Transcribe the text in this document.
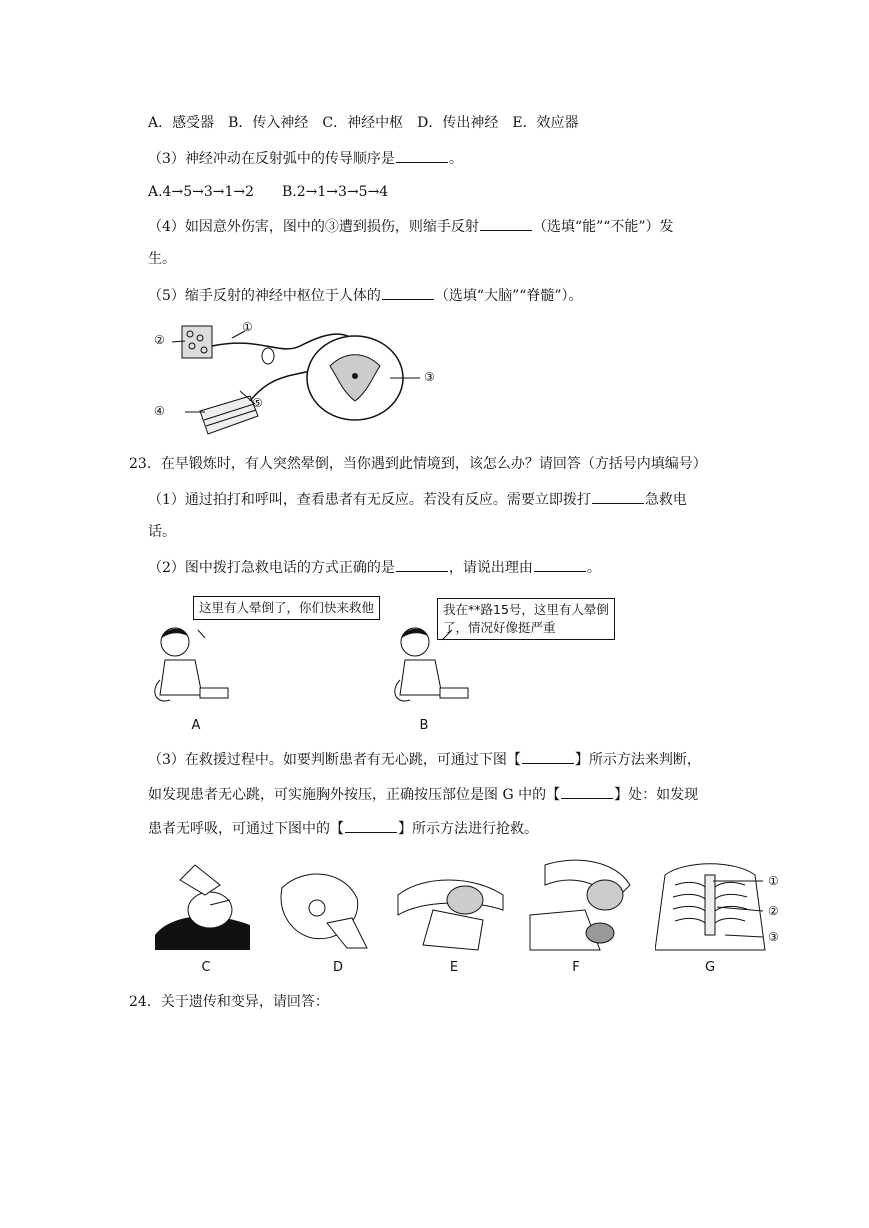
A．感受器　B．传入神经　C．神经中枢　D．传出神经　E．效应器
（3）神经冲动在反射弧中的传导顺序是	。
A.4→5→3→1→2　　B.2→1→3→5→4
（4）如因意外伤害，图中的③遭到损伤，则缩手反射	（选填“能”“不能”）发
生。
（5）缩手反射的神经中枢位于人体的	（选填“大脑”“脊髓”）。
②
①
③
④
⑤
23．在早锻炼时，有人突然晕倒，当你遇到此情境到，该怎么办？请回答（方括号内填编号）
（1）通过拍打和呼叫，查看患者有无反应。若没有反应。需要立即拨打	急救电
话。
（2）图中拨打急救电话的方式正确的是	，请说出理由	。
这里有人晕倒了，你们快来救他
A
我在**路15号，这里有人晕倒
了，情况好像挺严重
B
（3）在救援过程中。如要判断患者有无心跳，可通过下图【	】所示方法来判断，
如发现患者无心跳，可实施胸外按压，正确按压部位是图 G 中的【	】处：如发现
患者无呼吸，可通过下图中的【	】所示方法进行抢救。
C	D	E	F
①
②
③
G
24．关于遗传和变异，请回答：
